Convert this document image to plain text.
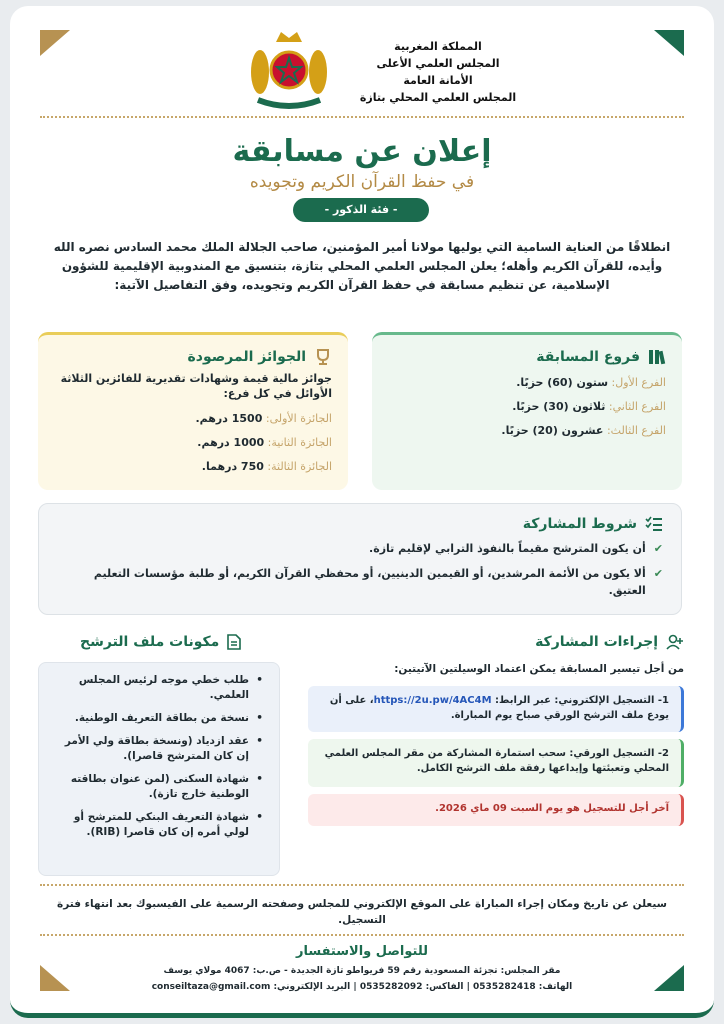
المملكة المغربية
المجلس العلمي الأعلى
الأمانة العامة
المجلس العلمي المحلي بتازة
إعلان عن مسابقة
في حفظ القرآن الكريم وتجويده
- فئة الذكور -
انطلاقًا من العناية السامية التي يوليها مولانا أمير المؤمنين، صاحب الجلالة الملك محمد السادس نصره الله وأيده، للقرآن الكريم وأهله؛ يعلن المجلس العلمي المحلي بتازة، بتنسيق مع المندوبية الإقليمية للشؤون الإسلامية، عن تنظيم مسابقة في حفظ القرآن الكريم وتجويده، وفق التفاصيل الآتية:
فروع المسابقة
الفرع الأول: ستون (60) حزبًا.
الفرع الثاني: ثلاثون (30) حزبًا.
الفرع الثالث: عشرون (20) حزبًا.
الجوائز المرصودة
جوائز مالية قيمة وشهادات تقديرية للفائزين الثلاثة الأوائل في كل فرع:
الجائزة الأولى: 1500 درهم.
الجائزة الثانية: 1000 درهم.
الجائزة الثالثة: 750 درهما.
شروط المشاركة
✔
أن يكون المترشح مقيماً بالنفوذ الترابي لإقليم تازة.
✔
ألا يكون من الأئمة المرشدين، أو القيمين الدينيين، أو محفظي القرآن الكريم، أو طلبة مؤسسات التعليم العتيق.
إجراءات المشاركة
من أجل تيسير المسابقة يمكن اعتماد الوسيلتين الآتيتين:
1- التسجيل الإلكتروني: عبر الرابط: https://2u.pw/4AC4M، على أن يودع ملف الترشح الورقي صباح يوم المباراة.
2- التسجيل الورقي: سحب استمارة المشاركة من مقر المجلس العلمي المحلي وتعبئتها وإيداعها رفقة ملف الترشح الكامل.
آخر أجل للتسجيل هو يوم السبت 09 ماي 2026.
مكونات ملف الترشح
• طلب خطي موجه لرئيس المجلس العلمي.
• نسخة من بطاقة التعريف الوطنية.
• عقد ازدياد (ونسخة بطاقة ولي الأمر إن كان المترشح قاصرا).
• شهادة السكنى (لمن عنوان بطاقته الوطنية خارج تازة).
• شهادة التعريف البنكي للمترشح أو لولي أمره إن كان قاصرا (RIB).
سيعلن عن تاريخ ومكان إجراء المباراة على الموقع الإلكتروني للمجلس وصفحته الرسمية على الفيسبوك بعد انتهاء فترة التسجيل.
للتواصل والاستفسار
مقر المجلس: تجزئة المسعودية رقم 59 فريواطو تازة الجديدة - ص.ب: 4067 مولاي يوسف
الهاتف: 0535282418 | الفاكس: 0535282092 | البريد الإلكتروني: conseiltaza@gmail.com
